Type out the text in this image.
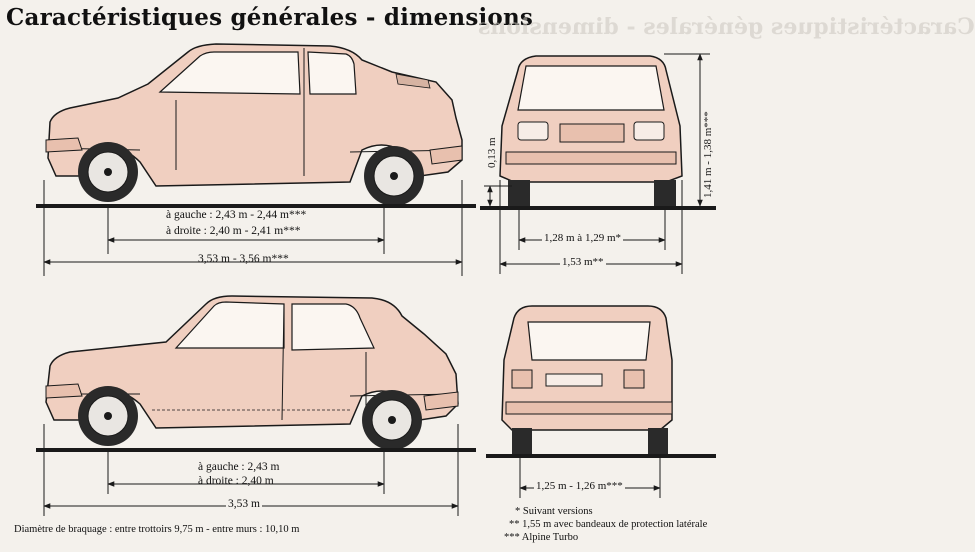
Caractéristiques générales - dimensions
Caractéristiques générales - dimensions
à gauche : 2,43 m - 2,44 m***
à droite : 2,40 m - 2,41 m***
3,53 m - 3,56 m***
0,13 m	1,41 m - 1,38 m***
1,28 m à 1,29 m*
1,53 m**
à gauche : 2,43 m
à droite : 2,40 m
3,53 m
1,25 m - 1,26 m***
Diamètre de braquage : entre trottoirs 9,75 m - entre murs : 10,10 m
* Suivant versions
** 1,55 m avec bandeaux de protection latérale
*** Alpine Turbo
